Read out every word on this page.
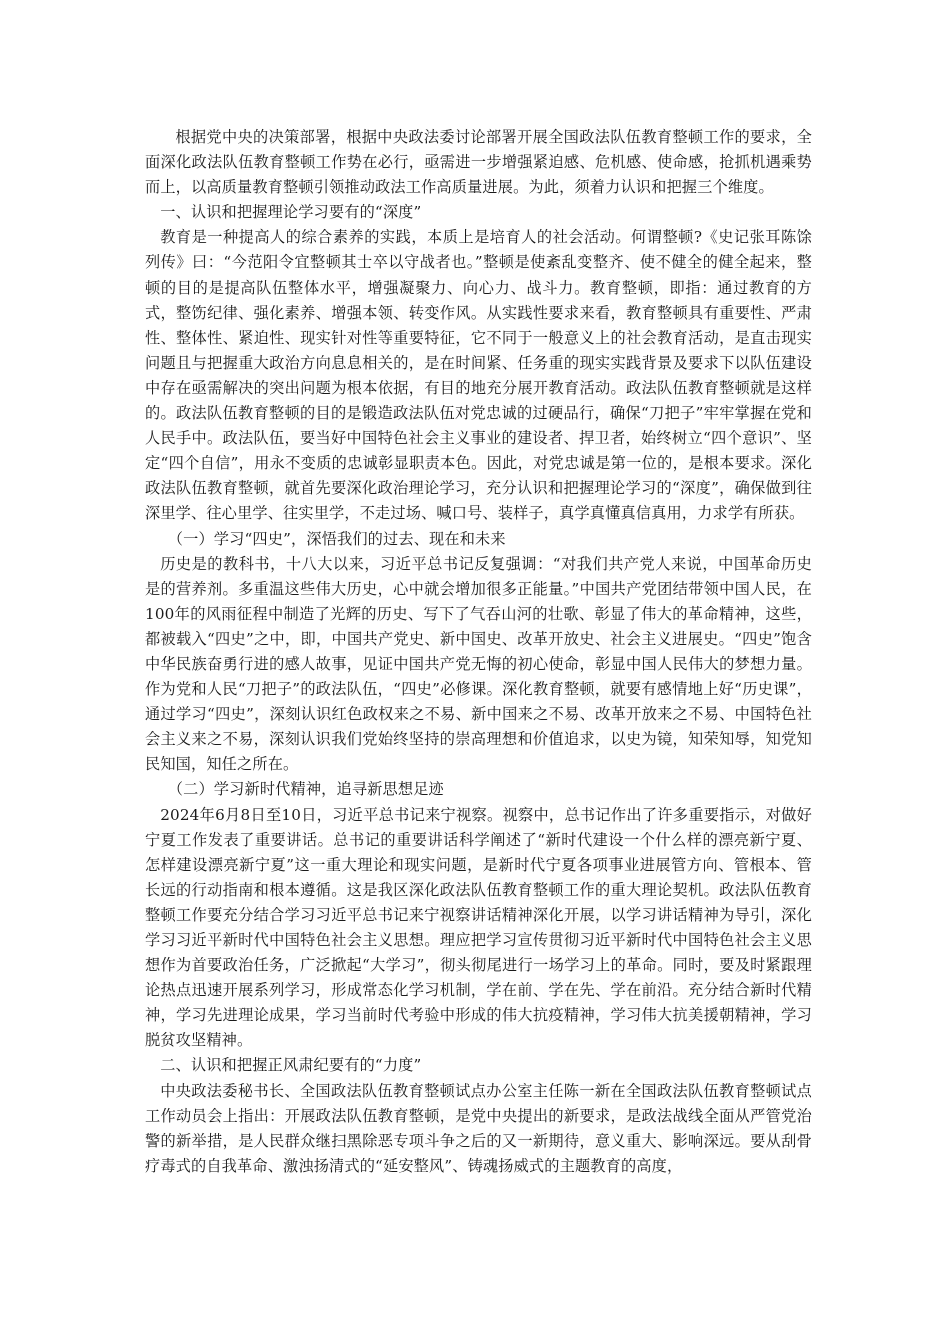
根据党中央的决策部署，根据中央政法委讨论部署开展全国政法队伍教育整顿工作的要求，全面深化政法队伍教育整顿工作势在必行，亟需进一步增强紧迫感、危机感、使命感，抢抓机遇乘势而上，以高质量教育整顿引领推动政法工作高质量进展。为此，须着力认识和把握三个维度。

一、认识和把握理论学习要有的“深度”

教育是一种提高人的综合素养的实践，本质上是培育人的社会活动。何谓整顿?《史记张耳陈馀列传》曰：“今范阳令宜整顿其士卒以守战者也。”整顿是使紊乱变整齐、使不健全的健全起来，整顿的目的是提高队伍整体水平，增强凝聚力、向心力、战斗力。教育整顿，即指：通过教育的方式，整饬纪律、强化素养、增强本领、转变作风。从实践性要求来看，教育整顿具有重要性、严肃性、整体性、紧迫性、现实针对性等重要特征，它不同于一般意义上的社会教育活动，是直击现实问题且与把握重大政治方向息息相关的，是在时间紧、任务重的现实实践背景及要求下以队伍建设中存在亟需解决的突出问题为根本依据，有目的地充分展开教育活动。政法队伍教育整顿就是这样的。政法队伍教育整顿的目的是锻造政法队伍对党忠诚的过硬品行，确保“刀把子”牢牢掌握在党和人民手中。政法队伍，要当好中国特色社会主义事业的建设者、捍卫者，始终树立“四个意识”、坚定“四个自信”，用永不变质的忠诚彰显职责本色。因此，对党忠诚是第一位的，是根本要求。深化政法队伍教育整顿，就首先要深化政治理论学习，充分认识和把握理论学习的“深度”，确保做到往深里学、往心里学、往实里学，不走过场、喊口号、装样子，真学真懂真信真用，力求学有所获。

（一）学习“四史”，深悟我们的过去、现在和未来

历史是的教科书，十八大以来，习近平总书记反复强调：“对我们共产党人来说，中国革命历史是的营养剂。多重温这些伟大历史，心中就会增加很多正能量。”中国共产党团结带领中国人民，在100年的风雨征程中制造了光辉的历史、写下了气吞山河的壮歌、彰显了伟大的革命精神，这些，都被载入“四史”之中，即，中国共产党史、新中国史、改革开放史、社会主义进展史。“四史”饱含中华民族奋勇行进的感人故事，见证中国共产党无悔的初心使命，彰显中国人民伟大的梦想力量。作为党和人民“刀把子”的政法队伍，“四史”必修课。深化教育整顿，就要有感情地上好“历史课”，通过学习“四史”，深刻认识红色政权来之不易、新中国来之不易、改革开放来之不易、中国特色社会主义来之不易，深刻认识我们党始终坚持的崇高理想和价值追求，以史为镜，知荣知辱，知党知民知国，知任之所在。

（二）学习新时代精神，追寻新思想足迹

2024年6月8日至10日，习近平总书记来宁视察。视察中，总书记作出了许多重要指示，对做好宁夏工作发表了重要讲话。总书记的重要讲话科学阐述了“新时代建设一个什么样的漂亮新宁夏、怎样建设漂亮新宁夏”这一重大理论和现实问题，是新时代宁夏各项事业进展管方向、管根本、管长远的行动指南和根本遵循。这是我区深化政法队伍教育整顿工作的重大理论契机。政法队伍教育整顿工作要充分结合学习习近平总书记来宁视察讲话精神深化开展，以学习讲话精神为导引，深化学习习近平新时代中国特色社会主义思想。理应把学习宣传贯彻习近平新时代中国特色社会主义思想作为首要政治任务，广泛掀起“大学习”，彻头彻尾进行一场学习上的革命。同时，要及时紧跟理论热点迅速开展系列学习，形成常态化学习机制，学在前、学在先、学在前沿。充分结合新时代精神，学习先进理论成果，学习当前时代考验中形成的伟大抗疫精神，学习伟大抗美援朝精神，学习脱贫攻坚精神。

二、认识和把握正风肃纪要有的“力度”

中央政法委秘书长、全国政法队伍教育整顿试点办公室主任陈一新在全国政法队伍教育整顿试点工作动员会上指出：开展政法队伍教育整顿，是党中央提出的新要求，是政法战线全面从严管党治警的新举措，是人民群众继扫黑除恶专项斗争之后的又一新期待，意义重大、影响深远。要从刮骨疗毒式的自我革命、激浊扬清式的“延安整风”、铸魂扬威式的主题教育的高度，
